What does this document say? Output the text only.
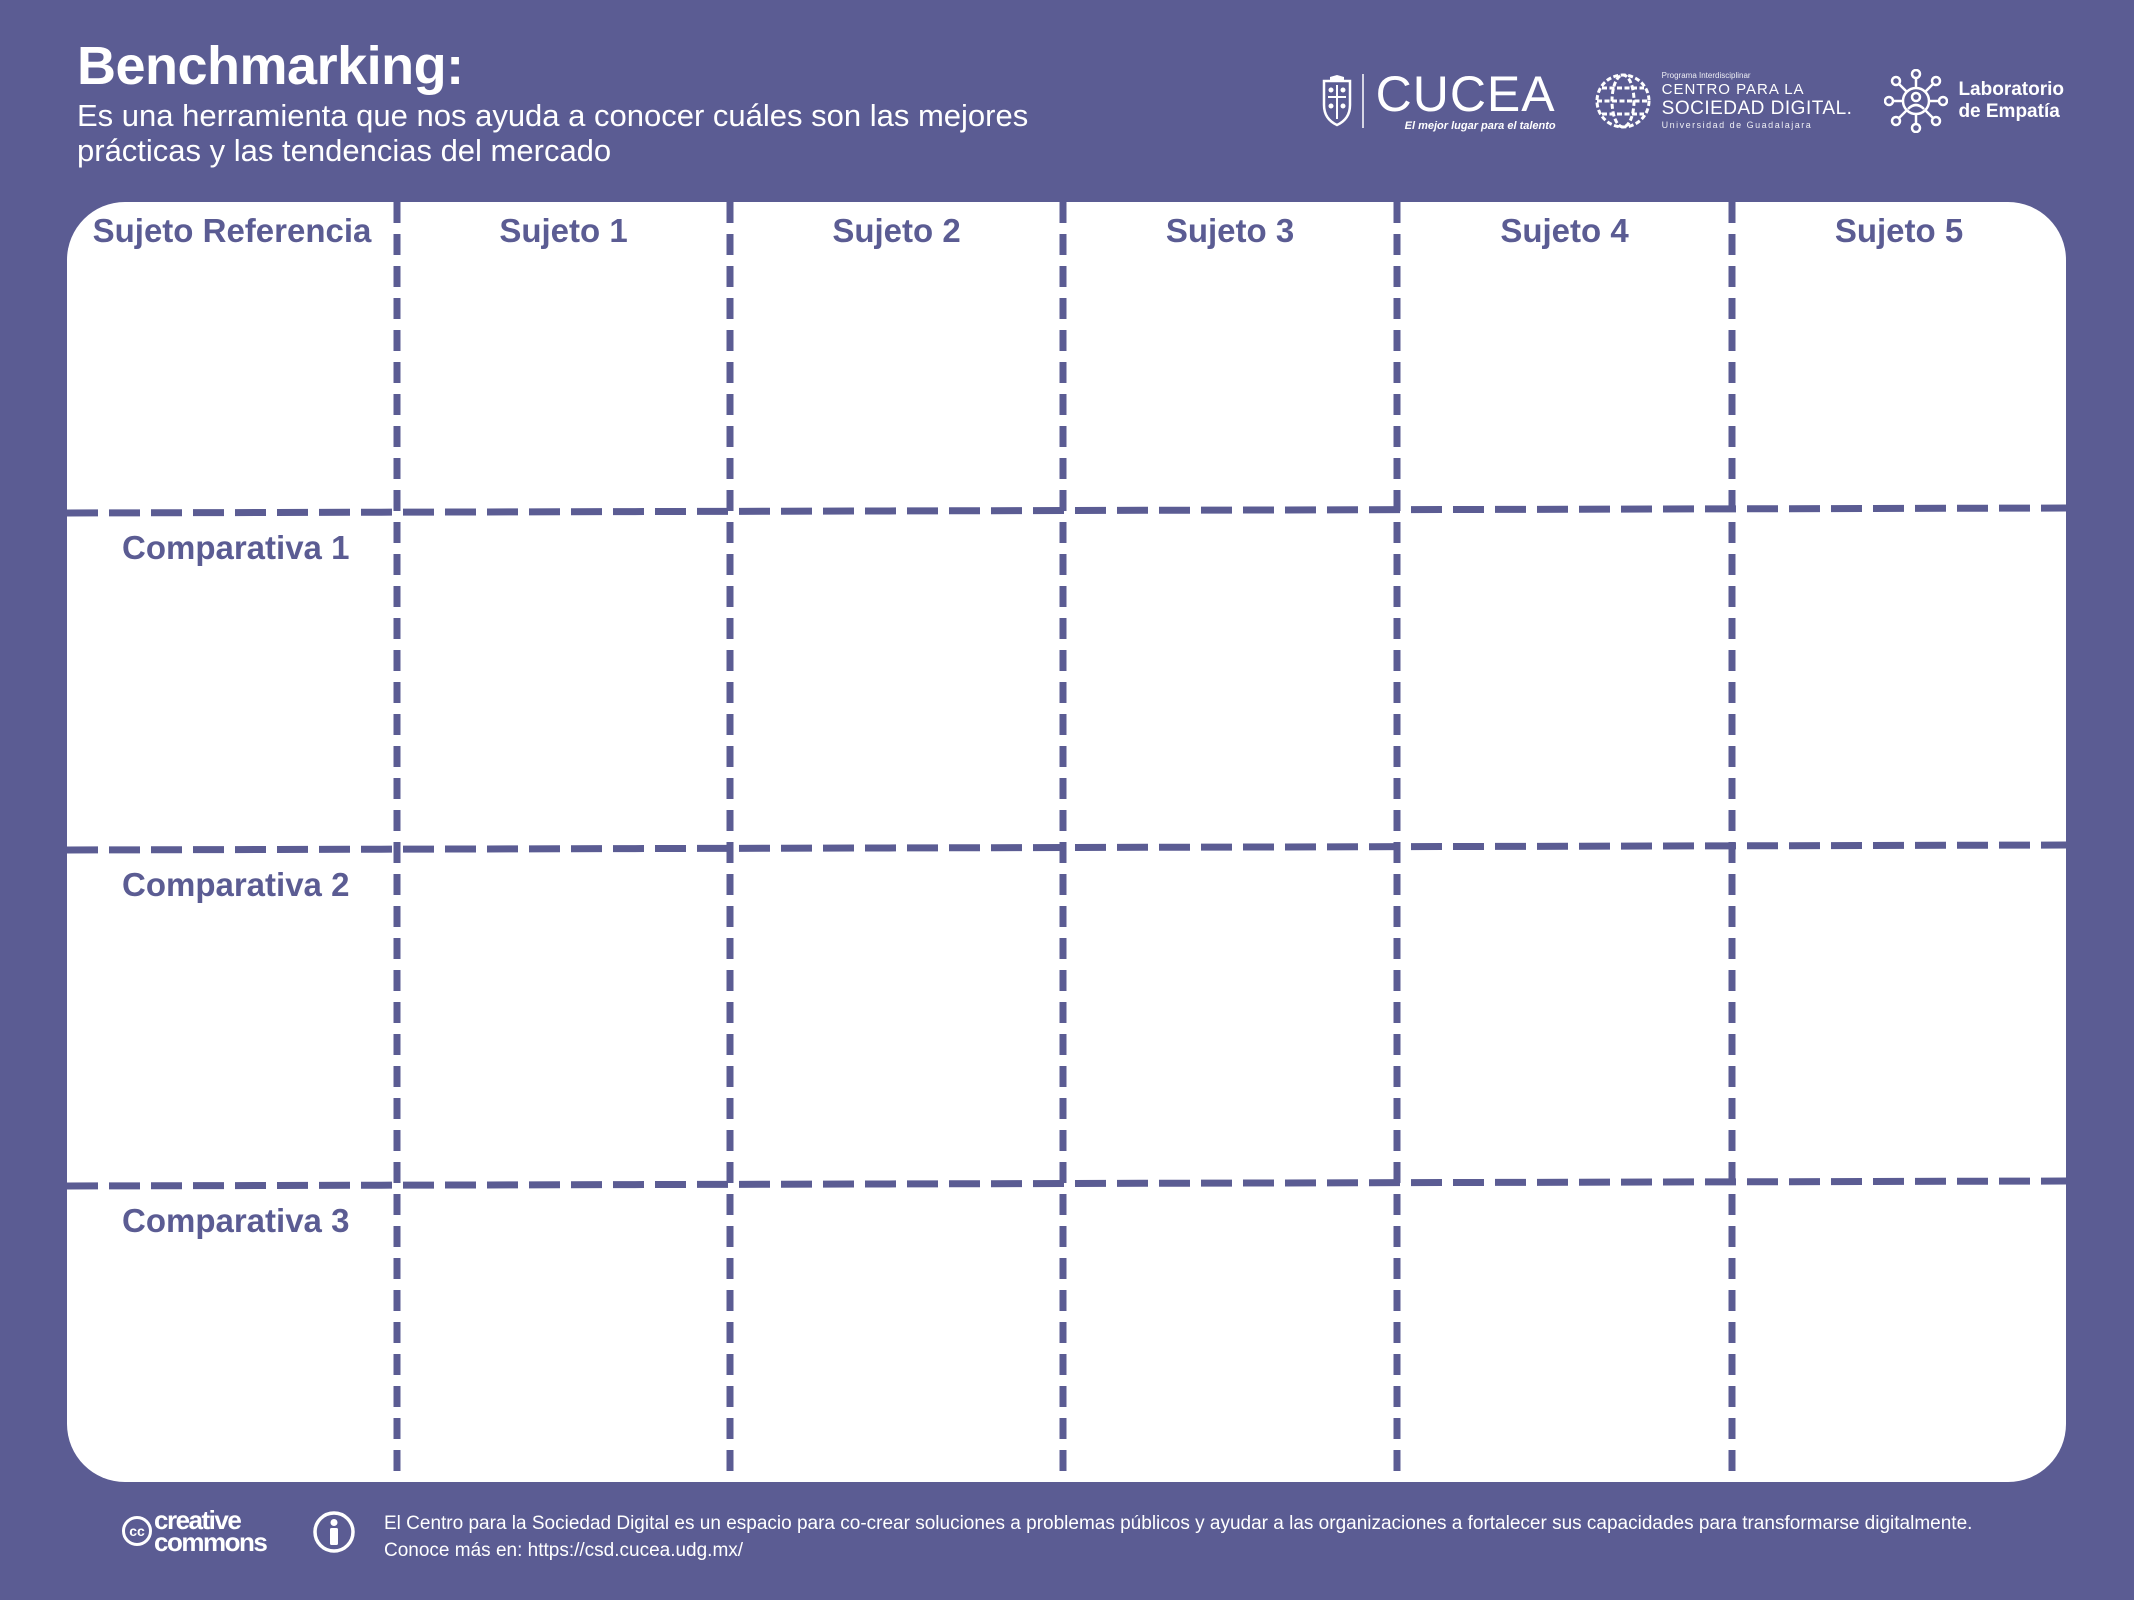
Benchmarking:

Es una herramienta que nos ayuda a conocer cuáles son las mejores prácticas y las tendencias del mercado

CUCEA
El mejor lugar para el talento
Programa Interdisciplinar
CENTRO PARA LA
SOCIEDAD DIGITAL.
Universidad de Guadalajara
Laboratorio
de Empatía
Sujeto Referencia	Sujeto 1	Sujeto 2	Sujeto 3	Sujeto 4	Sujeto 5
Comparativa 1
Comparativa 2
Comparativa 3
cc creative
commons

El Centro para la Sociedad Digital es un espacio para co-crear soluciones a problemas públicos y ayudar a las organizaciones a fortalecer sus capacidades para transformarse digitalmente.
Conoce más en: https://csd.cucea.udg.mx/
